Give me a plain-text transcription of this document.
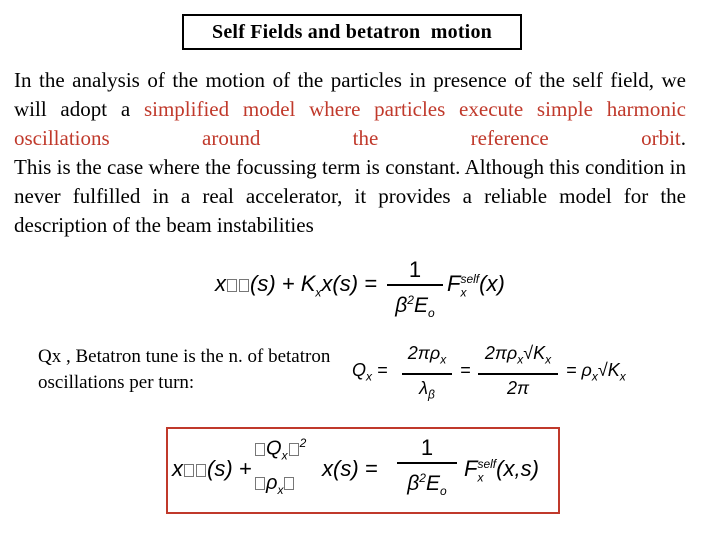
Self Fields and betatron  motion

In the analysis of the motion of the particles in presence of the self field, we will adopt a simplified model where particles execute simple harmonic oscillations around the reference orbit.

This is the case where the focussing term is constant. Although this condition in never fulfilled in a real accelerator, it provides a reliable model for the description of the beam instabilities

x $(s) + K_xx(s)$ =
1
$\beta^2E_o$
$F_x^{self}(x)$
Qx , Betatron tune is the n. of betatron oscillations per turn:
$Q_x$ =
$2\pi\rho_x$
$\lambda_\beta$
=
$2\pi\rho_x√K_x$
2π
= $\rho_x√K_x$
x (s) +
$Q_x^2$
$\rho_x$
x(s) =
1
$\beta^2E_o$
$F_x^{self}(x,s)$
